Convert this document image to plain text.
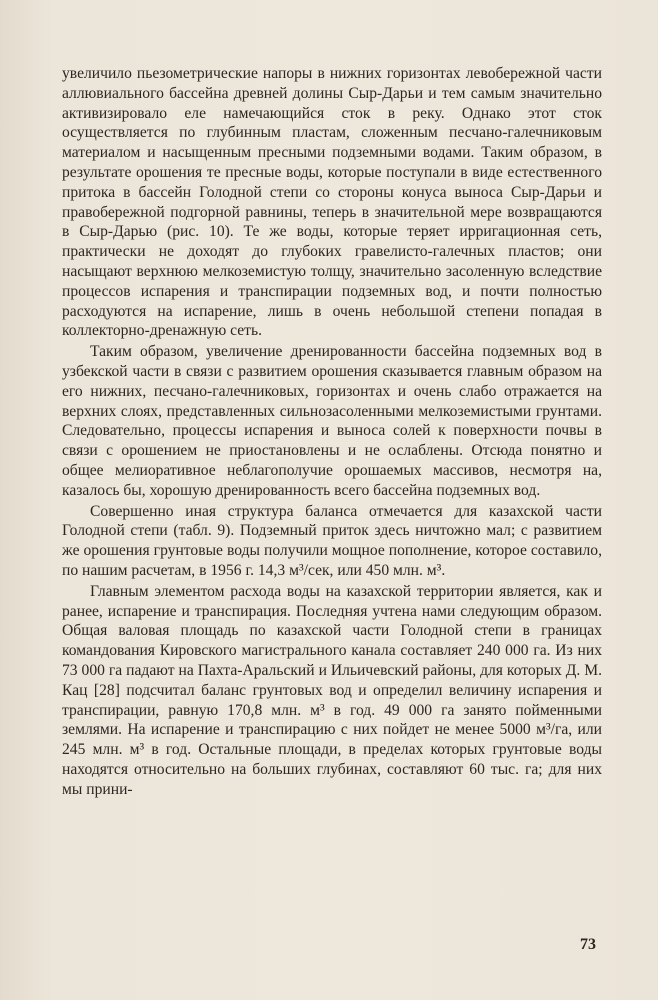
увеличило пьезометрические напоры в нижних горизонтах левобережной части аллювиального бассейна древней долины Сыр-Дарьи и тем самым значительно активизировало еле намечающийся сток в реку. Однако этот сток осуществляется по глубинным пластам, сложенным песчано-галечниковым материалом и насыщенным пресными подземными водами. Таким образом, в результате орошения те пресные воды, которые поступали в виде естественного притока в бассейн Голодной степи со стороны конуса выноса Сыр-Дарьи и правобережной подгорной равнины, теперь в значительной мере возвращаются в Сыр-Дарью (рис. 10). Те же воды, которые теряет ирригационная сеть, практически не доходят до глубоких гравелисто-галечных пластов; они насыщают верхнюю мелкоземистую толщу, значительно засоленную вследствие процессов испарения и транспирации подземных вод, и почти полностью расходуются на испарение, лишь в очень небольшой степени попадая в коллекторно-дренажную сеть.

Таким образом, увеличение дренированности бассейна подземных вод в узбекской части в связи с развитием орошения сказывается главным образом на его нижних, песчано-галечниковых, горизонтах и очень слабо отражается на верхних слоях, представленных сильнозасоленными мелкоземистыми грунтами. Следовательно, процессы испарения и выноса солей к поверхности почвы в связи с орошением не приостановлены и не ослаблены. Отсюда понятно и общее мелиоративное неблагополучие орошаемых массивов, несмотря на, казалось бы, хорошую дренированность всего бассейна подземных вод.

Совершенно иная структура баланса отмечается для казахской части Голодной степи (табл. 9). Подземный приток здесь ничтожно мал; с развитием же орошения грунтовые воды получили мощное пополнение, которое составило, по нашим расчетам, в 1956 г. 14,3 м³/сек, или 450 млн. м³.

Главным элементом расхода воды на казахской территории является, как и ранее, испарение и транспирация. Последняя учтена нами следующим образом. Общая валовая площадь по казахской части Голодной степи в границах командования Кировского магистрального канала составляет 240 000 га. Из них 73 000 га падают на Пахта-Аральский и Ильичевский районы, для которых Д. М. Кац [28] подсчитал баланс грунтовых вод и определил величину испарения и транспирации, равную 170,8 млн. м³ в год. 49 000 га занято пойменными землями. На испарение и транспирацию с них пойдет не менее 5000 м³/га, или 245 млн. м³ в год. Остальные площади, в пределах которых грунтовые воды находятся относительно на больших глубинах, составляют 60 тыс. га; для них мы прини-

73
